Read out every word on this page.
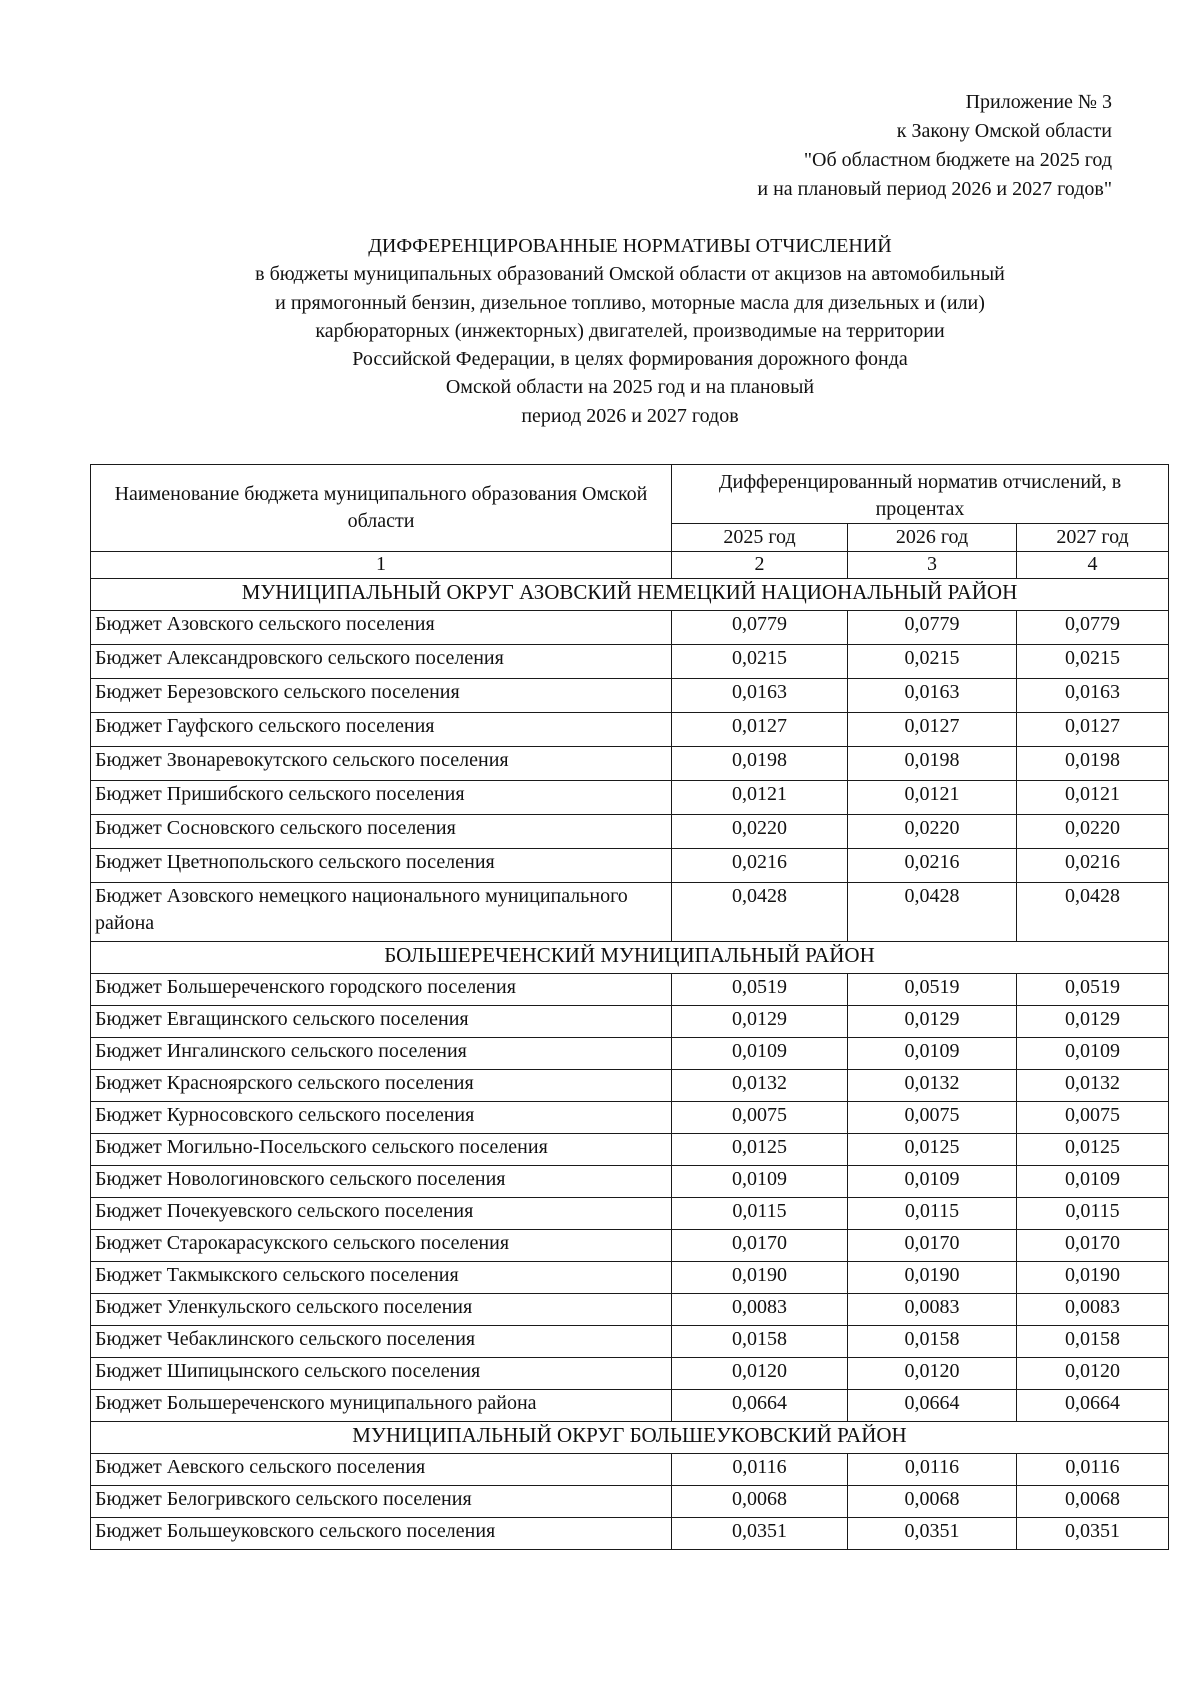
Приложение № 3
к Закону Омской области
"Об областном бюджете на 2025 год
и на плановый период 2026 и 2027 годов"
ДИФФЕРЕНЦИРОВАННЫЕ НОРМАТИВЫ ОТЧИСЛЕНИЙ
в бюджеты муниципальных образований Омской области от акцизов на автомобильный
и прямогонный бензин, дизельное топливо, моторные масла для дизельных и (или)
карбюраторных (инжекторных) двигателей, производимые на территории
Российской Федерации, в целях формирования дорожного фонда
Омской области на 2025 год и на плановый
период 2026 и 2027 годов
Наименование бюджета муниципального образования Омской области	Дифференцированный норматив отчислений, в процентах		
	2025 год	2026 год	2027 год
1	2	3	4
МУНИЦИПАЛЬНЫЙ ОКРУГ АЗОВСКИЙ НЕМЕЦКИЙ НАЦИОНАЛЬНЫЙ РАЙОН			
Бюджет Азовского сельского поселения	0,0779	0,0779	0,0779
Бюджет Александровского сельского поселения	0,0215	0,0215	0,0215
Бюджет Березовского сельского поселения	0,0163	0,0163	0,0163
Бюджет Гауфского сельского поселения	0,0127	0,0127	0,0127
Бюджет Звонаревокутского сельского поселения	0,0198	0,0198	0,0198
Бюджет Пришибского сельского поселения	0,0121	0,0121	0,0121
Бюджет Сосновского сельского поселения	0,0220	0,0220	0,0220
Бюджет Цветнопольского сельского поселения	0,0216	0,0216	0,0216
Бюджет Азовского немецкого национального муниципального района	0,0428	0,0428	0,0428
БОЛЬШЕРЕЧЕНСКИЙ МУНИЦИПАЛЬНЫЙ РАЙОН			
Бюджет Большереченского городского поселения	0,0519	0,0519	0,0519
Бюджет Евгащинского сельского поселения	0,0129	0,0129	0,0129
Бюджет Ингалинского сельского поселения	0,0109	0,0109	0,0109
Бюджет Красноярского сельского поселения	0,0132	0,0132	0,0132
Бюджет Курносовского сельского поселения	0,0075	0,0075	0,0075
Бюджет Могильно-Посельского сельского поселения	0,0125	0,0125	0,0125
Бюджет Новологиновского сельского поселения	0,0109	0,0109	0,0109
Бюджет Почекуевского сельского поселения	0,0115	0,0115	0,0115
Бюджет Старокарасукского сельского поселения	0,0170	0,0170	0,0170
Бюджет Такмыкского сельского поселения	0,0190	0,0190	0,0190
Бюджет Уленкульского сельского поселения	0,0083	0,0083	0,0083
Бюджет Чебаклинского сельского поселения	0,0158	0,0158	0,0158
Бюджет Шипицынского сельского поселения	0,0120	0,0120	0,0120
Бюджет Большереченского муниципального района	0,0664	0,0664	0,0664
МУНИЦИПАЛЬНЫЙ ОКРУГ БОЛЬШЕУКОВСКИЙ РАЙОН			
Бюджет Аевского сельского поселения	0,0116	0,0116	0,0116
Бюджет Белогривского сельского поселения	0,0068	0,0068	0,0068
Бюджет Большеуковского сельского поселения	0,0351	0,0351	0,0351
